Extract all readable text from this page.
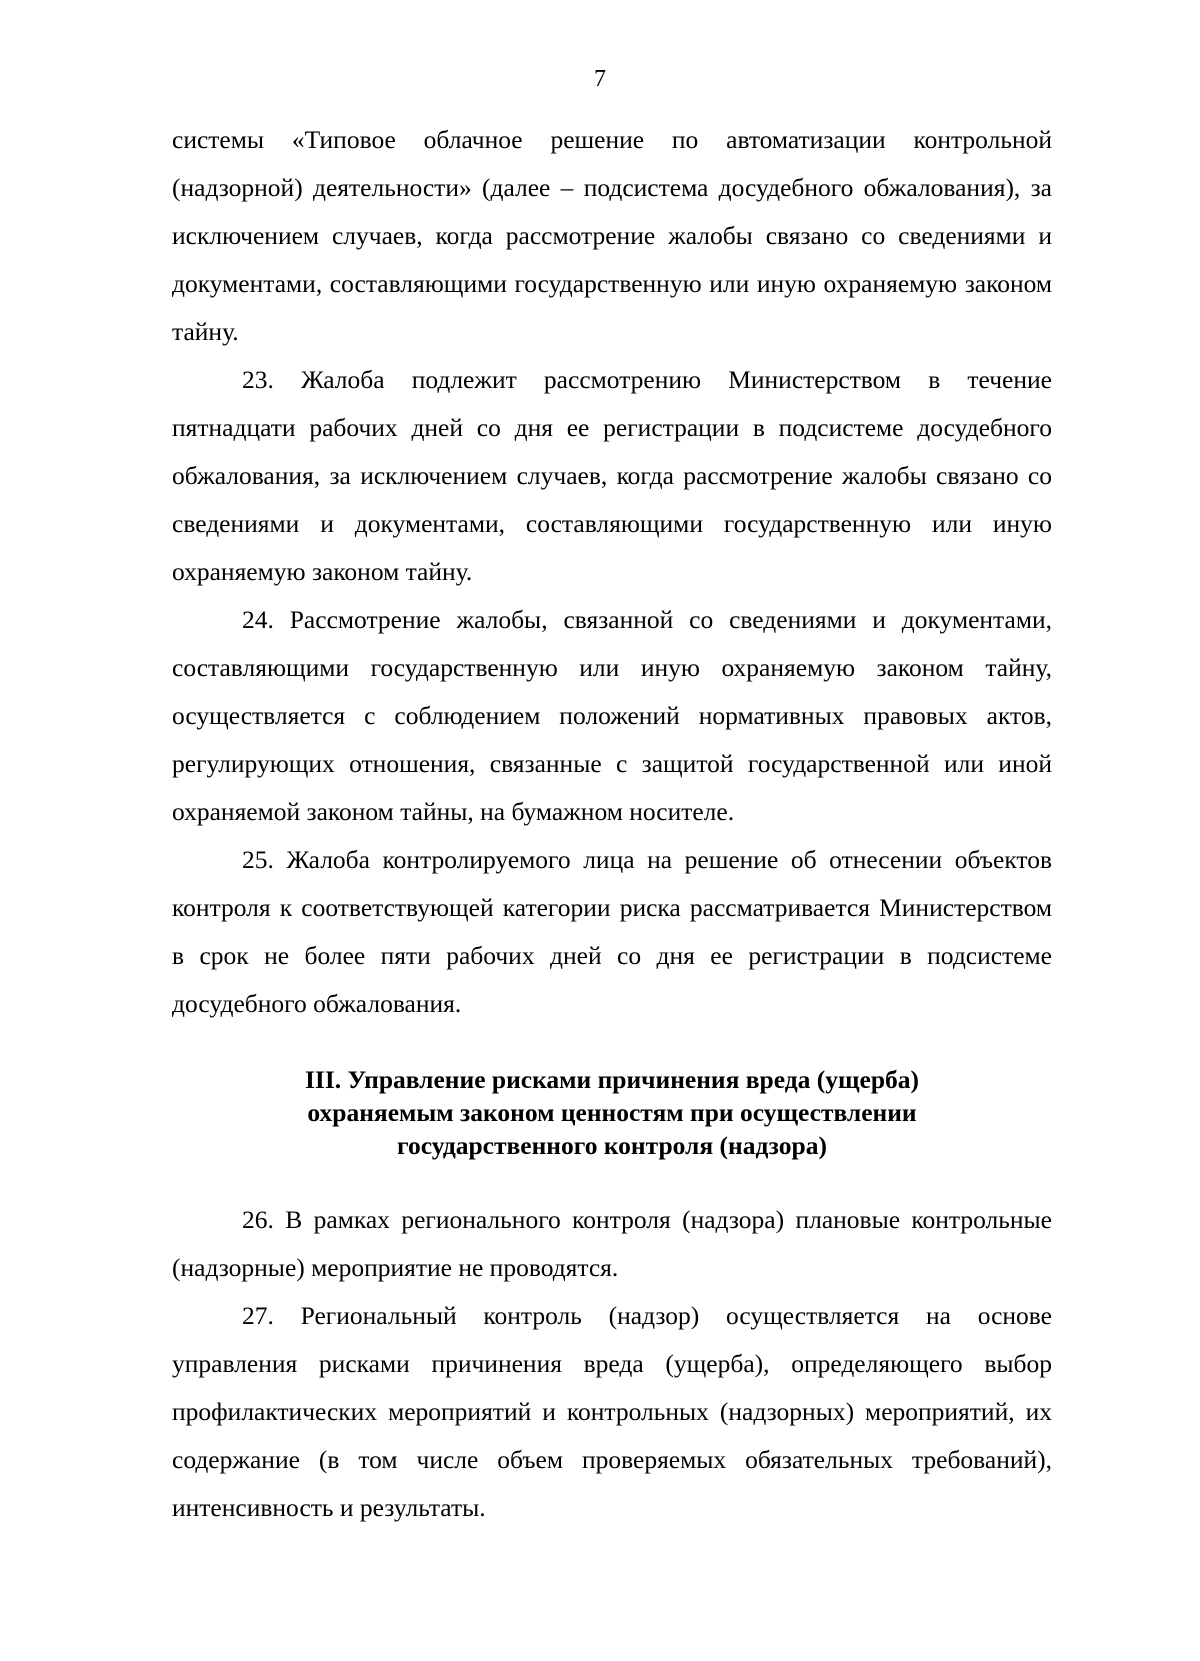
7

системы «Типовое облачное решение по автоматизации контрольной (надзорной) деятельности» (далее – подсистема досудебного обжалования), за исключением случаев, когда рассмотрение жалобы связано со сведениями и документами, составляющими государственную или иную охраняемую законом тайну.

23. Жалоба подлежит рассмотрению Министерством в течение пятнадцати рабочих дней со дня ее регистрации в подсистеме досудебного обжалования, за исключением случаев, когда рассмотрение жалобы связано со сведениями и документами, составляющими государственную или иную охраняемую законом тайну.

24. Рассмотрение жалобы, связанной со сведениями и документами, составляющими государственную или иную охраняемую законом тайну, осуществляется с соблюдением положений нормативных правовых актов, регулирующих отношения, связанные с защитой государственной или иной охраняемой законом тайны, на бумажном носителе.

25. Жалоба контролируемого лица на решение об отнесении объектов контроля к соответствующей категории риска рассматривается Министерством в срок не более пяти рабочих дней со дня ее регистрации в подсистеме досудебного обжалования.

III. Управление рисками причинения вреда (ущерба)
охраняемым законом ценностям при осуществлении
государственного контроля (надзора)

26. В рамках регионального контроля (надзора) плановые контрольные (надзорные) мероприятие не проводятся.

27. Региональный контроль (надзор) осуществляется на основе управления рисками причинения вреда (ущерба), определяющего выбор профилактических мероприятий и контрольных (надзорных) мероприятий, их содержание (в том числе объем проверяемых обязательных требований), интенсивность и результаты.
